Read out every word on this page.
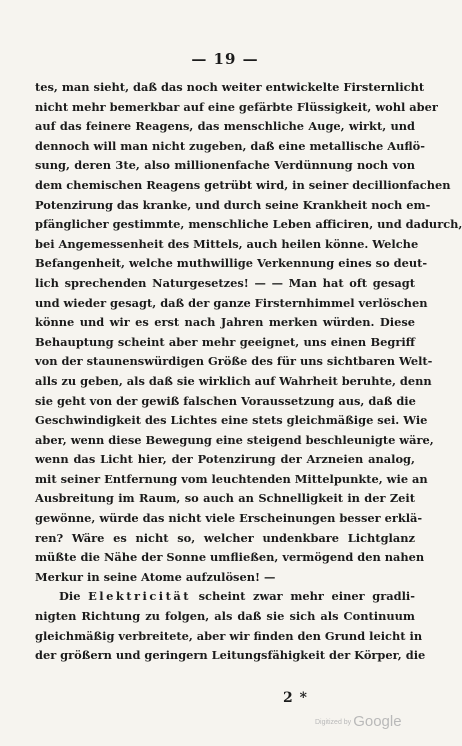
— 19 —
tes, man sieht, daß das noch weiter entwickelte Firsternlicht
nicht mehr bemerkbar auf eine gefärbte Flüssigkeit, wohl aber
auf das feinere Reagens, das menschliche Auge, wirkt, und
dennoch will man nicht zugeben, daß eine metallische Auflö-
sung, deren 3te, also millionenfache Verdünnung noch von
dem chemischen Reagens getrübt wird, in seiner decillionfachen
Potenzirung das kranke, und durch seine Krankheit noch em-
pfänglicher gestimmte, menschliche Leben afficiren, und dadurch,
bei Angemessenheit des Mittels, auch heilen könne. Welche
Befangenheit, welche muthwillige Verkennung eines so deut-
lich sprechenden Naturgesetzes! — — Man hat oft gesagt
und wieder gesagt, daß der ganze Firsternhimmel verlöschen
könne und wir es erst nach Jahren merken würden. Diese
Behauptung scheint aber mehr geeignet, uns einen Begriff
von der staunenswürdigen Größe des für uns sichtbaren Welt-
alls zu geben, als daß sie wirklich auf Wahrheit beruhte, denn
sie geht von der gewiß falschen Voraussetzung aus, daß die
Geschwindigkeit des Lichtes eine stets gleichmäßige sei. Wie
aber, wenn diese Bewegung eine steigend beschleunigte wäre,
wenn das Licht hier, der Potenzirung der Arzneien analog,
mit seiner Entfernung vom leuchtenden Mittelpunkte, wie an
Ausbreitung im Raum, so auch an Schnelligkeit in der Zeit
gewönne, würde das nicht viele Erscheinungen besser erklä-
ren? Wäre es nicht so, welcher undenkbare Lichtglanz
müßte die Nähe der Sonne umfließen, vermögend den nahen
Merkur in seine Atome aufzulösen! —
Die Elektricität scheint zwar mehr einer gradli-
nigten Richtung zu folgen, als daß sie sich als Continuum
gleichmäßig verbreitete, aber wir finden den Grund leicht in
der größern und geringern Leitungsfähigkeit der Körper, die
2 *
Digitized by Google
